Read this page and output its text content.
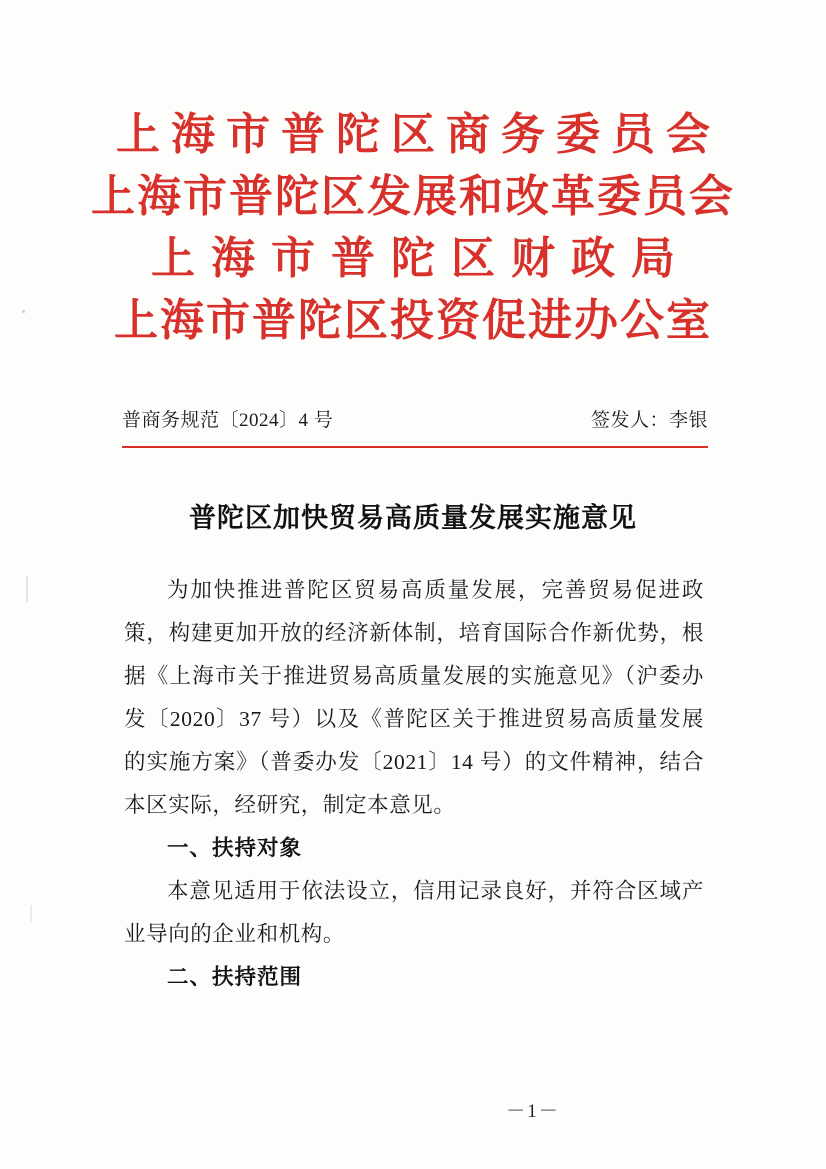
上海市普陀区商务委员会
上海市普陀区发展和改革委员会
上海市普陀区财政局
上海市普陀区投资促进办公室
普商务规范〔2024〕4 号	签发人：李银
普陀区加快贸易高质量发展实施意见

为加快推进普陀区贸易高质量发展，完善贸易促进政策，构建更加开放的经济新体制，培育国际合作新优势，根据《上海市关于推进贸易高质量发展的实施意见》（沪委办发〔2020〕37 号）以及《普陀区关于推进贸易高质量发展的实施方案》（普委办发〔2021〕14 号）的文件精神，结合本区实际，经研究，制定本意见。

一、扶持对象

本意见适用于依法设立，信用记录良好，并符合区域产业导向的企业和机构。

二、扶持范围

－1－
